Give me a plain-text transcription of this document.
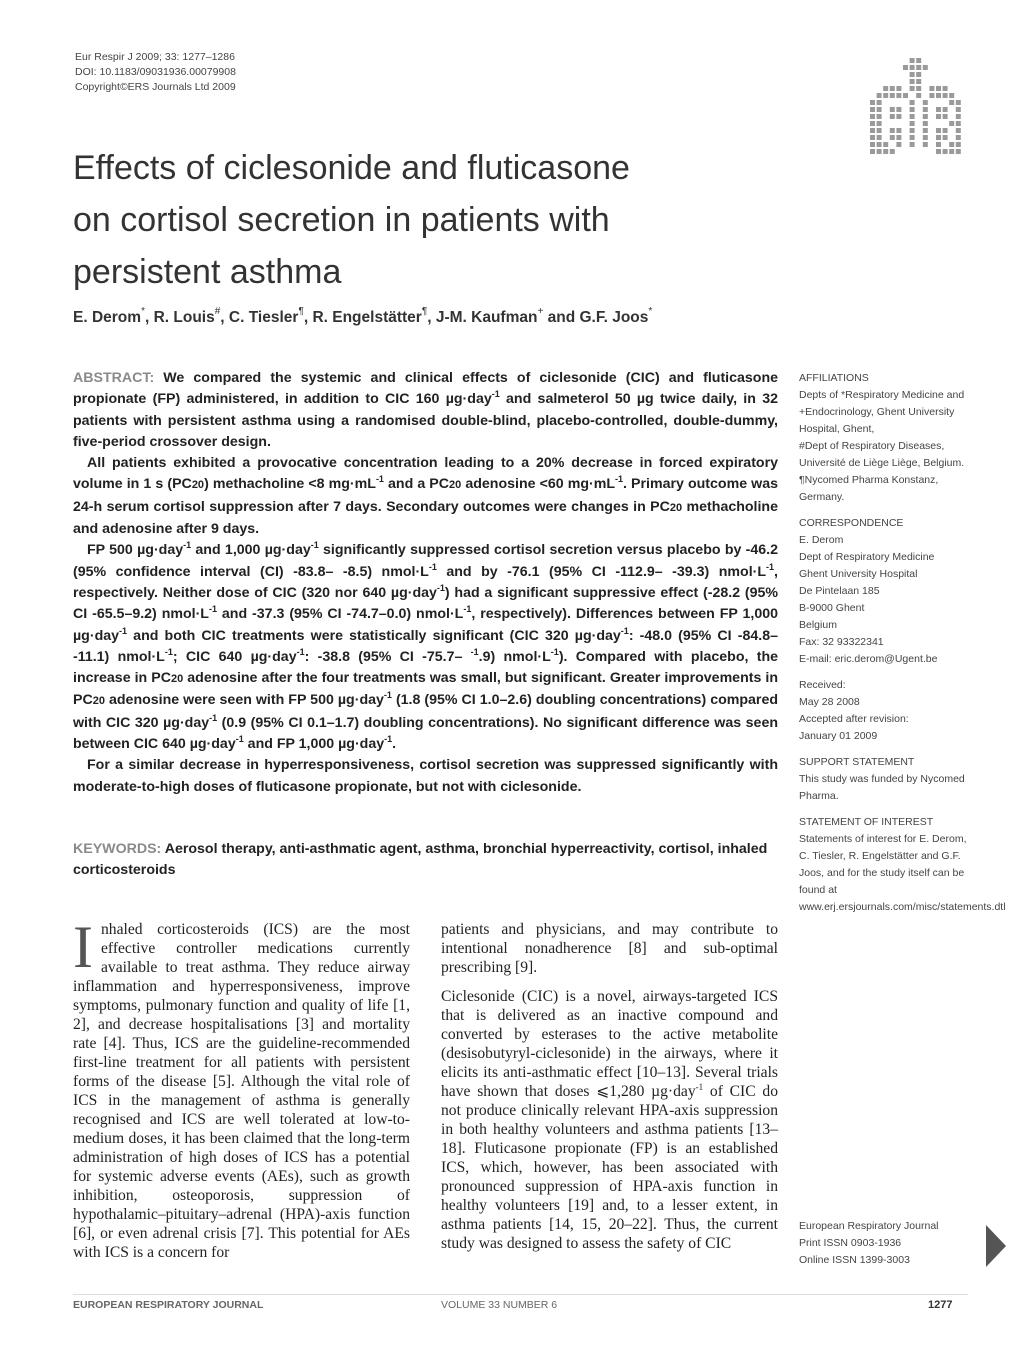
Eur Respir J 2009; 33: 1277–1286
DOI: 10.1183/09031936.00079908
Copyright©ERS Journals Ltd 2009
Effects of ciclesonide and fluticasone
on cortisol secretion in patients with
persistent asthma
E. Derom*, R. Louis#, C. Tiesler¶, R. Engelstätter¶, J-M. Kaufman+ and G.F. Joos*

ABSTRACT: We compared the systemic and clinical effects of ciclesonide (CIC) and fluticasone propionate (FP) administered, in addition to CIC 160 µg·day$^{-1}$ and salmeterol 50 µg twice daily, in 32 patients with persistent asthma using a randomised double-blind, placebo-controlled, double-dummy, five-period crossover design.

All patients exhibited a provocative concentration leading to a 20% decrease in forced expiratory volume in 1 s (PC20) methacholine <8 $mg\cdot mL^{-1}$ and a PC20 adenosine <60 $mg\cdot mL^{-1}$. Primary outcome was 24-h serum cortisol suppression after 7 days. Secondary outcomes were changes in PC20 methacholine and adenosine after 9 days.

FP 500 µg·day$^{-1}$ and 1,000 µg·day$^{-1}$ significantly suppressed cortisol secretion versus placebo by -46.2 (95% confidence interval (CI) -83.8– -8.5) $nmol\cdot L^{-1}$ and by -76.1 (95% CI -112.9– -39.3) $nmol\cdot L^{-1}$, respectively. Neither dose of CIC (320 nor 640 µg·day$^{-1}$) had a significant suppressive effect (-28.2 (95% CI -65.5–9.2) $nmol\cdot L^{-1}$ and -37.3 (95% CI -74.7–0.0) $nmol\cdot L^{-1}$, respectively). Differences between FP 1,000 µg·day$^{-1}$ and both CIC treatments were statistically significant (CIC 320 µg·day$^{-1}$: -48.0 (95% CI -84.8– -11.1) $nmol\cdot L^{-1}$; CIC 640 µg·day$^{-1}$: -38.8 (95% CI -75.7– $^{-1}$.9) $nmol\cdot L^{-1}$). Compared with placebo, the increase in PC20 adenosine after the four treatments was small, but significant. Greater improvements in PC20 adenosine were seen with FP 500 µg·day$^{-1}$ (1.8 (95% CI 1.0–2.6) doubling concentrations) compared with CIC 320 µg·day$^{-1}$ (0.9 (95% CI 0.1–1.7) doubling concentrations). No significant difference was seen between CIC 640 µg·day$^{-1}$ and FP 1,000 µg·day$^{-1}$.

For a similar decrease in hyperresponsiveness, cortisol secretion was suppressed significantly with moderate-to-high doses of fluticasone propionate, but not with ciclesonide.

KEYWORDS: Aerosol therapy, anti-asthmatic agent, asthma, bronchial hyperreactivity, cortisol, inhaled corticosteroids
AFFILIATIONS
Depts of *Respiratory Medicine and +Endocrinology, Ghent University Hospital, Ghent,
#Dept of Respiratory Diseases, Université de Liège Liège, Belgium.
¶Nycomed Pharma Konstanz, Germany.
CORRESPONDENCE
E. Derom
Dept of Respiratory Medicine
Ghent University Hospital
De Pintelaan 185
B-9000 Ghent
Belgium
Fax: 32 93322341
E-mail: eric.derom@Ugent.be
Received:
May 28 2008
Accepted after revision:
January 01 2009
SUPPORT STATEMENT
This study was funded by Nycomed Pharma.
STATEMENT OF INTEREST
Statements of interest for E. Derom, C. Tiesler, R. Engelstätter and G.F. Joos, and for the study itself can be found at www.erj.ersjournals.com/misc/statements.dtl
European Respiratory Journal
Print ISSN 0903-1936
Online ISSN 1399-3003

Inhaled corticosteroids (ICS) are the most effective controller medications currently available to treat asthma. They reduce airway inflammation and hyperresponsiveness, improve symptoms, pulmonary function and quality of life [1, 2], and decrease hospitalisations [3] and mortality rate [4]. Thus, ICS are the guideline-recommended first-line treatment for all patients with persistent forms of the disease [5]. Although the vital role of ICS in the management of asthma is generally recognised and ICS are well tolerated at low-to-medium doses, it has been claimed that the long-term administration of high doses of ICS has a potential for systemic adverse events (AEs), such as growth inhibition, osteoporosis, suppression of hypothalamic–pituitary–adrenal (HPA)-axis function [6], or even adrenal crisis [7]. This potential for AEs with ICS is a concern for

patients and physicians, and may contribute to intentional nonadherence [8] and sub-optimal prescribing [9].

Ciclesonide (CIC) is a novel, airways-targeted ICS that is delivered as an inactive compound and converted by esterases to the active metabolite (desisobutyryl-ciclesonide) in the airways, where it elicits its anti-asthmatic effect [10–13]. Several trials have shown that doses ⩽1,280 µg·day$^{-1}$ of CIC do not produce clinically relevant HPA-axis suppression in both healthy volunteers and asthma patients [13–18]. Fluticasone propionate (FP) is an established ICS, which, however, has been associated with pronounced suppression of HPA-axis function in healthy volunteers [19] and, to a lesser extent, in asthma patients [14, 15, 20–22]. Thus, the current study was designed to assess the safety of CIC

EUROPEAN RESPIRATORY JOURNAL	VOLUME 33 NUMBER 6	1277
